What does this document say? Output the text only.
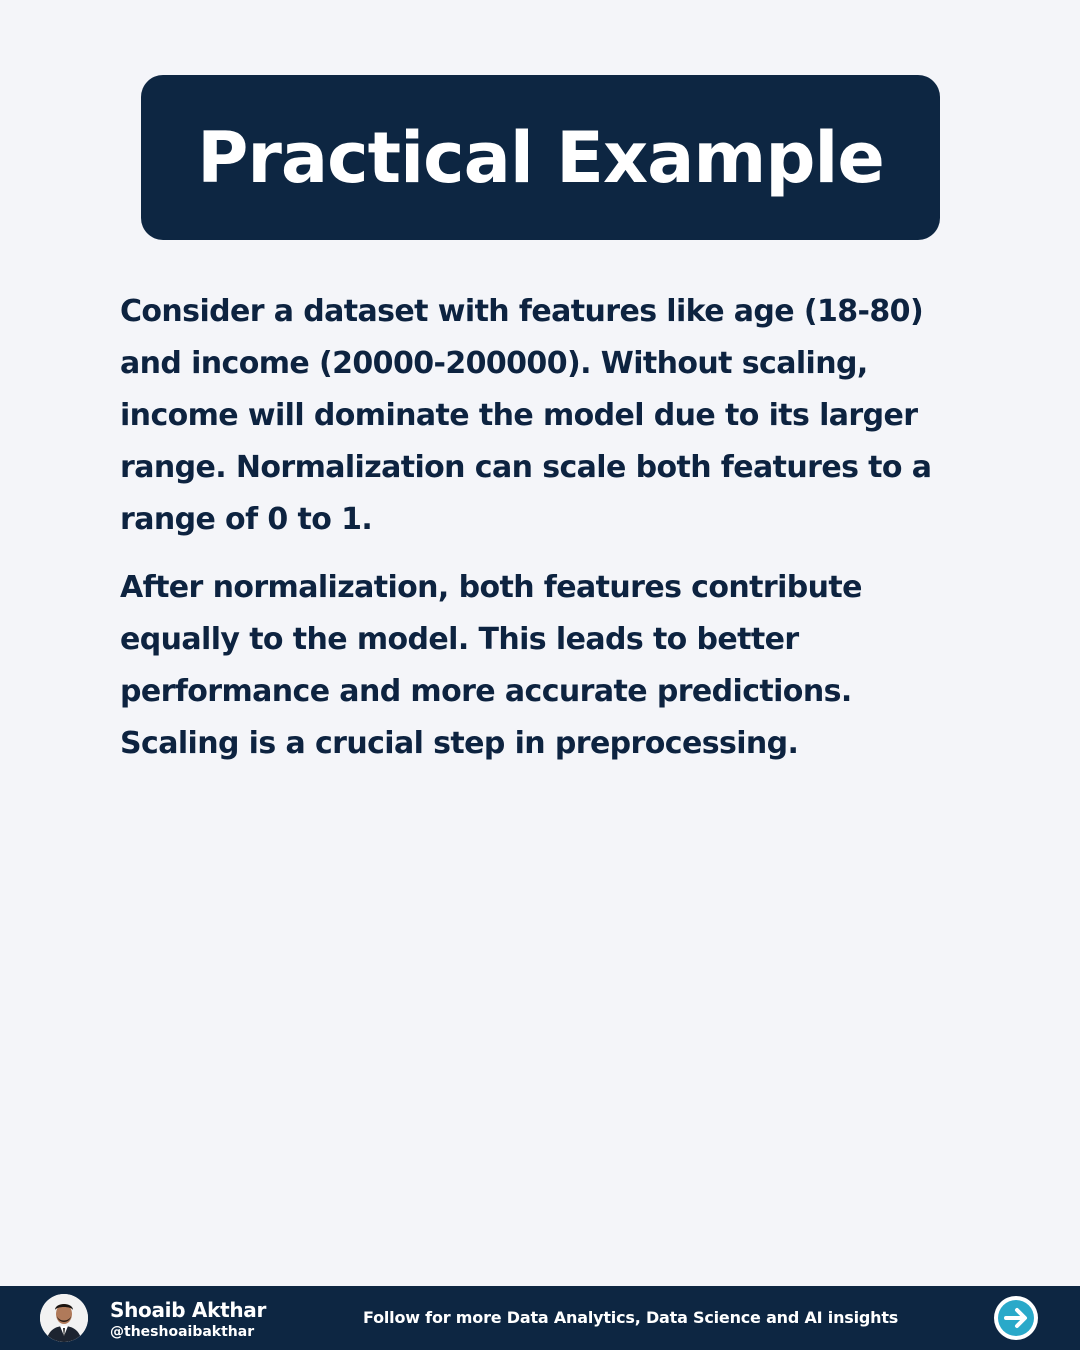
Practical Example

Consider a dataset with features like age (18-80) and income (20000-200000). Without scaling, income will dominate the model due to its larger range. Normalization can scale both features to a range of 0 to 1.

After normalization, both features contribute equally to the model. This leads to better performance and more accurate predictions. Scaling is a crucial step in preprocessing.

Shoaib Akthar
@theshoaibakthar
Follow for more Data Analytics, Data Science and AI insights
